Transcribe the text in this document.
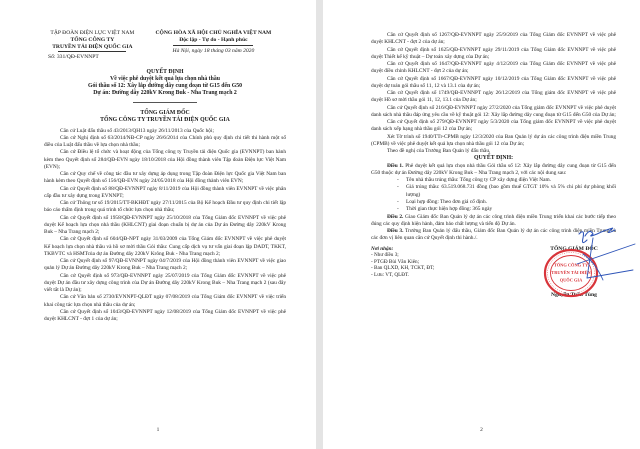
TẬP ĐOÀN ĐIỆN LỰC VIỆT NAM
TỔNG CÔNG TY
TRUYỀN TẢI ĐIỆN QUỐC GIA
Số: 331/QĐ-EVNNPT
CỘNG HÒA XÃ HỘI CHỦ NGHĨA VIỆT NAM
Độc lập - Tự do - Hạnh phúc
Hà Nội, ngày 18 tháng 03 năm 2020
QUYẾT ĐỊNH
Về việc phê duyệt kết quả lựa chọn nhà thầu
Gói thầu số 12: Xây lắp đường dây cung đoạn từ G15 đến G50
Dự án: Đường dây 220kV Krong Buk - Nha Trang mạch 2
TỔNG GIÁM ĐỐC
TỔNG CÔNG TY TRUYỀN TẢI ĐIỆN QUỐC GIA

Căn cứ Luật đấu thầu số 43/2013/QH13 ngày 26/11/2013 của Quốc hội;

Căn cứ Nghị định số 63/2014/NĐ-CP ngày 26/6/2014 của Chính phủ quy định chi tiết thi hành một số điều của Luật đấu thầu về lựa chọn nhà thầu;

Căn cứ Điều lệ tổ chức và hoạt động của Tổng công ty Truyền tải điện Quốc gia (EVNNPT) ban hành kèm theo Quyết định số 284/QĐ-EVN ngày 18/10/2018 của Hội đồng thành viên Tập đoàn Điện lực Việt Nam (EVN);

Căn cứ Quy chế về công tác đầu tư xây dựng áp dụng trong Tập đoàn Điện lực Quốc gia Việt Nam ban hành kèm theo Quyết định số 156/QĐ-EVN ngày 24/05/2018 của Hội đồng thành viên EVN;

Căn cứ Quyết định số 88/QĐ-EVNNPT ngày 8/11/2019 của Hội đồng thành viên EVNNPT về việc phân cấp đầu tư xây dựng trong EVNNPT;

Căn cứ Thông tư số 19/2015/TT-BKHĐT ngày 27/11/2015 của Bộ Kế hoạch Đầu tư quy định chi tiết lập báo cáo thẩm định trong quá trình tổ chức lựa chọn nhà thầu;

Căn cứ Quyết định số 1958/QĐ-EVNNPT ngày 25/10/2018 của Tổng Giám đốc EVNNPT về việc phê duyệt Kế hoạch lựa chọn nhà thầu (KHLCNT) giai đoạn chuẩn bị dự án của Dự án Đường dây 220kV Krong Buk – Nha Trang mạch 2;

Căn cứ Quyết định số 604/QĐ-NPT ngày 31/03/2009 của Tổng Giám đốc EVNNPT về việc phê duyệt Kế hoạch lựa chọn nhà thầu và hồ sơ mời thầu Gói thầu: Cung cấp dịch vụ tư vấn giai đoạn lập DADT, TKKT, TKBVTC và HSMTcủa dự án Đường dây 220kV Krông Buk - Nha Trang mạch 2;

Căn cứ Quyết định số 97/QĐ-EVNNPT ngày 04/7/2019 của Hội đồng thành viên EVNNPT về việc giao quản lý Dự án Đường dây 220kV Krong Buk – Nha Trang mạch 2;

Căn cứ Quyết định số 973/QĐ-EVNNPT ngày 25/07/2019 của Tổng Giám đốc EVNNPT về việc phê duyệt Dự án đầu tư xây dựng công trình của Dự án Đường dây 220kV Krong Buk – Nha Trang mạch 2 (sau đây viết tắt là Dự án);

Căn cứ Văn bản số 2730/EVNNPT-QLĐT ngày 07/08/2019 của Tổng Giám đốc EVNNPT về việc triển khai công tác lựa chọn nhà thầu của dự án;

Căn cứ Quyết định số 1043/QĐ-EVNNPT ngày 12/08/2019 của Tổng Giám đốc EVNNPT về việc phê duyệt KHLCNT - đợt 1 của dự án;

1

Căn cứ Quyết định số 1267/QĐ-EVNNPT ngày 25/9/2019 của Tổng Giám đốc EVNNPT về việc phê duyệt KHLCNT - đợt 2 của dự án;

Căn cứ Quyết định số 1625/QĐ-EVNNPT ngày 29/11/2019 của Tổng Giám đốc EVNNPT về việc phê duyệt Thiết kế kỹ thuật – Dự toán xây dựng của Dự án;

Căn cứ Quyết định số 1647/QĐ-EVNNPT ngày 4/12/2019 của Tổng Giám đốc EVNNPT về việc phê duyệt điều chỉnh KHLCNT - đợt 2 của dự án;

Căn cứ Quyết định số 1667/QĐ-EVNNPT ngày 10/12/2019 của Tổng Giám đốc EVNNPT về việc phê duyệt dự toán gói thầu số 11, 12 và 13.1 của dự án;

Căn cứ Quyết định số 1749/QĐ-EVNNPT ngày 26/12/2019 của Tổng giám đốc EVNNPT về việc phê duyệt Hồ sơ mời thầu gói 11, 12, 13.1 của Dự án;

Căn cứ Quyết định số 216/QĐ-EVNNPT ngày 27/2/2020 của Tổng giám đốc EVNNPT về việc phê duyệt danh sách nhà thầu đáp ứng yêu cầu về kỹ thuật gói 12: Xây lắp đường dây cung đoạn từ G15 đến G50 của Dự án;

Căn cứ Quyết định số 279/QĐ-EVNNPT ngày 5/3/2020 của Tổng giám đốc EVNNPT về việc phê duyệt danh sách xếp hạng nhà thầu gói 12 của Dự án;

Xét Tờ trình số 1940/TTr-CPMB ngày 12/3/2020 của Ban Quản lý dự án các công trình điện miền Trung (CPMB) về việc phê duyệt kết quả lựa chọn nhà thầu gói 12 của Dự án;

Theo đề nghị của Trưởng Ban Quản lý đấu thầu,

QUYẾT ĐỊNH:

Điều 1. Phê duyệt kết quả lựa chọn nhà thầu Gói thầu số 12: Xây lắp đường dây cung đoạn từ G15 đến G50 thuộc dự án Đường dây 220kV Krong Buk – Nha Trang mạch 2, với các nội dung sau:

- Tên nhà thầu trúng thầu: Tổng công ty CP xây dựng điện Việt Nam.
- Giá trúng thầu: 63.519.068.731 đồng (bao gồm thuế GTGT 10% và 5% chi phí dự phòng khối lượng)
- Loại hợp đồng: Theo đơn giá cố định.
- Thời gian thực hiện hợp đồng: 365 ngày

Điều 2. Giao Giám đốc Ban Quản lý dự án các công trình điện miền Trung triển khai các bước tiếp theo đúng các quy định hiện hành, đảm bảo chất lượng và tiến độ Dự án.

Điều 3. Trưởng Ban Quản lý đấu thầu, Giám đốc Ban Quản lý dự án các công trình điện miền Trung và các đơn vị liên quan căn cứ Quyết định thi hành./.

Nơi nhận:
- Như điều 3;
- PTGĐ Bùi Văn Kiên;
- Ban QLXD, KH, TCKT, ĐT;
- Lưu: VT, QLĐT.
TỔNG GIÁM ĐỐC
Nguyễn Tuấn Tùng
TỔNG CÔNG TY
TRUYỀN TẢI ĐIỆN
QUỐC GIA
2
